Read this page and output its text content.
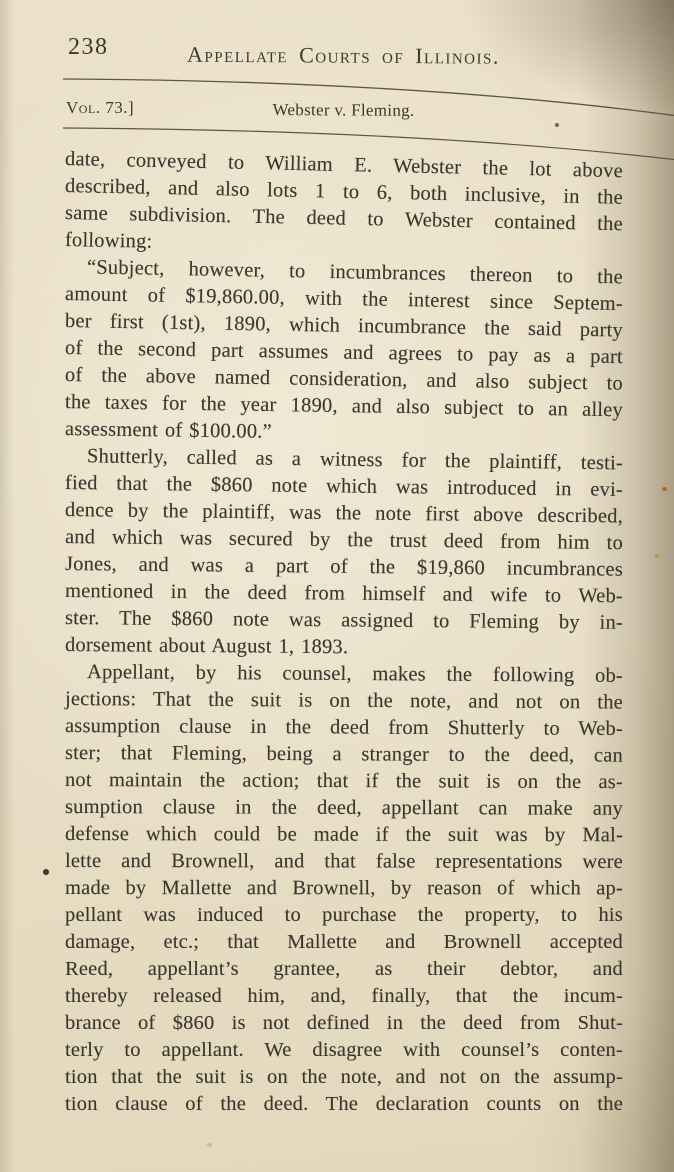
238	Appellate Courts of Illinois.
Vol. 73.]	Webster v. Fleming.
date, conveyed to William E. Webster the lot above
described, and also lots 1 to 6, both inclusive, in the
same subdivision. The deed to Webster contained the
following:
“Subject, however, to incumbrances thereon to the
amount of $19,860.00, with the interest since Septem-
ber first (1st), 1890, which incumbrance the said party
of the second part assumes and agrees to pay as a part
of the above named consideration, and also subject to
the taxes for the year 1890, and also subject to an alley
assessment of $100.00.”
Shutterly, called as a witness for the plaintiff, testi-
fied that the $860 note which was introduced in evi-
dence by the plaintiff, was the note first above described,
and which was secured by the trust deed from him to
Jones, and was a part of the $19,860 incumbrances
mentioned in the deed from himself and wife to Web-
ster. The $860 note was assigned to Fleming by in-
dorsement about August 1, 1893.
Appellant, by his counsel, makes the following ob-
jections: That the suit is on the note, and not on the
assumption clause in the deed from Shutterly to Web-
ster; that Fleming, being a stranger to the deed, can
not maintain the action; that if the suit is on the as-
sumption clause in the deed, appellant can make any
defense which could be made if the suit was by Mal-
lette and Brownell, and that false representations were
made by Mallette and Brownell, by reason of which ap-
pellant was induced to purchase the property, to his
damage, etc.; that Mallette and Brownell accepted
Reed, appellant’s grantee, as their debtor, and
thereby released him, and, finally, that the incum-
brance of $860 is not defined in the deed from Shut-
terly to appellant. We disagree with counsel’s conten-
tion that the suit is on the note, and not on the assump-
tion clause of the deed. The declaration counts on the
